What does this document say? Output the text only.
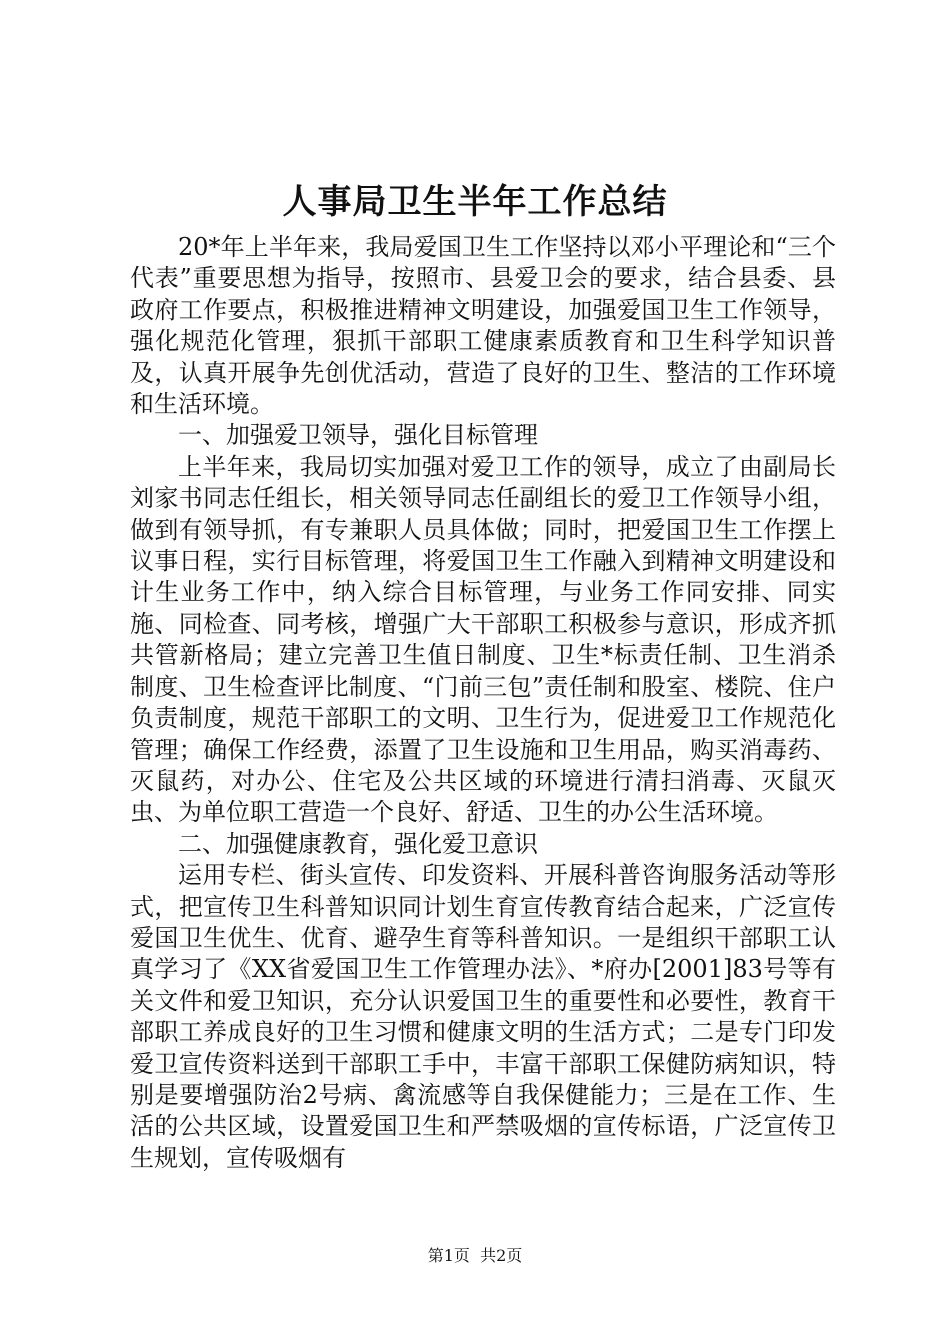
人事局卫生半年工作总结

20*年上半年来，我局爱国卫生工作坚持以邓小平理论和“三个代表”重要思想为指导，按照市、县爱卫会的要求，结合县委、县政府工作要点，积极推进精神文明建设，加强爱国卫生工作领导，强化规范化管理，狠抓干部职工健康素质教育和卫生科学知识普及，认真开展争先创优活动，营造了良好的卫生、整洁的工作环境和生活环境。

一、加强爱卫领导，强化目标管理

上半年来，我局切实加强对爱卫工作的领导，成立了由副局长刘家书同志任组长，相关领导同志任副组长的爱卫工作领导小组，做到有领导抓，有专兼职人员具体做；同时，把爱国卫生工作摆上议事日程，实行目标管理，将爱国卫生工作融入到精神文明建设和计生业务工作中，纳入综合目标管理，与业务工作同安排、同实施、同检查、同考核，增强广大干部职工积极参与意识，形成齐抓共管新格局；建立完善卫生值日制度、卫生*标责任制、卫生消杀制度、卫生检查评比制度、“门前三包”责任制和股室、楼院、住户负责制度，规范干部职工的文明、卫生行为，促进爱卫工作规范化管理；确保工作经费，添置了卫生设施和卫生用品，购买消毒药、灭鼠药，对办公、住宅及公共区域的环境进行清扫消毒、灭鼠灭虫、为单位职工营造一个良好、舒适、卫生的办公生活环境。

二、加强健康教育，强化爱卫意识

运用专栏、街头宣传、印发资料、开展科普咨询服务活动等形式，把宣传卫生科普知识同计划生育宣传教育结合起来，广泛宣传爱国卫生优生、优育、避孕生育等科普知识。一是组织干部职工认真学习了《XX省爱国卫生工作管理办法》、*府办[2001]83号等有关文件和爱卫知识，充分认识爱国卫生的重要性和必要性，教育干部职工养成良好的卫生习惯和健康文明的生活方式；二是专门印发爱卫宣传资料送到干部职工手中，丰富干部职工保健防病知识，特别是要增强防治2号病、禽流感等自我保健能力；三是在工作、生活的公共区域，设置爱国卫生和严禁吸烟的宣传标语，广泛宣传卫生规划，宣传吸烟有

第1页 共2页
